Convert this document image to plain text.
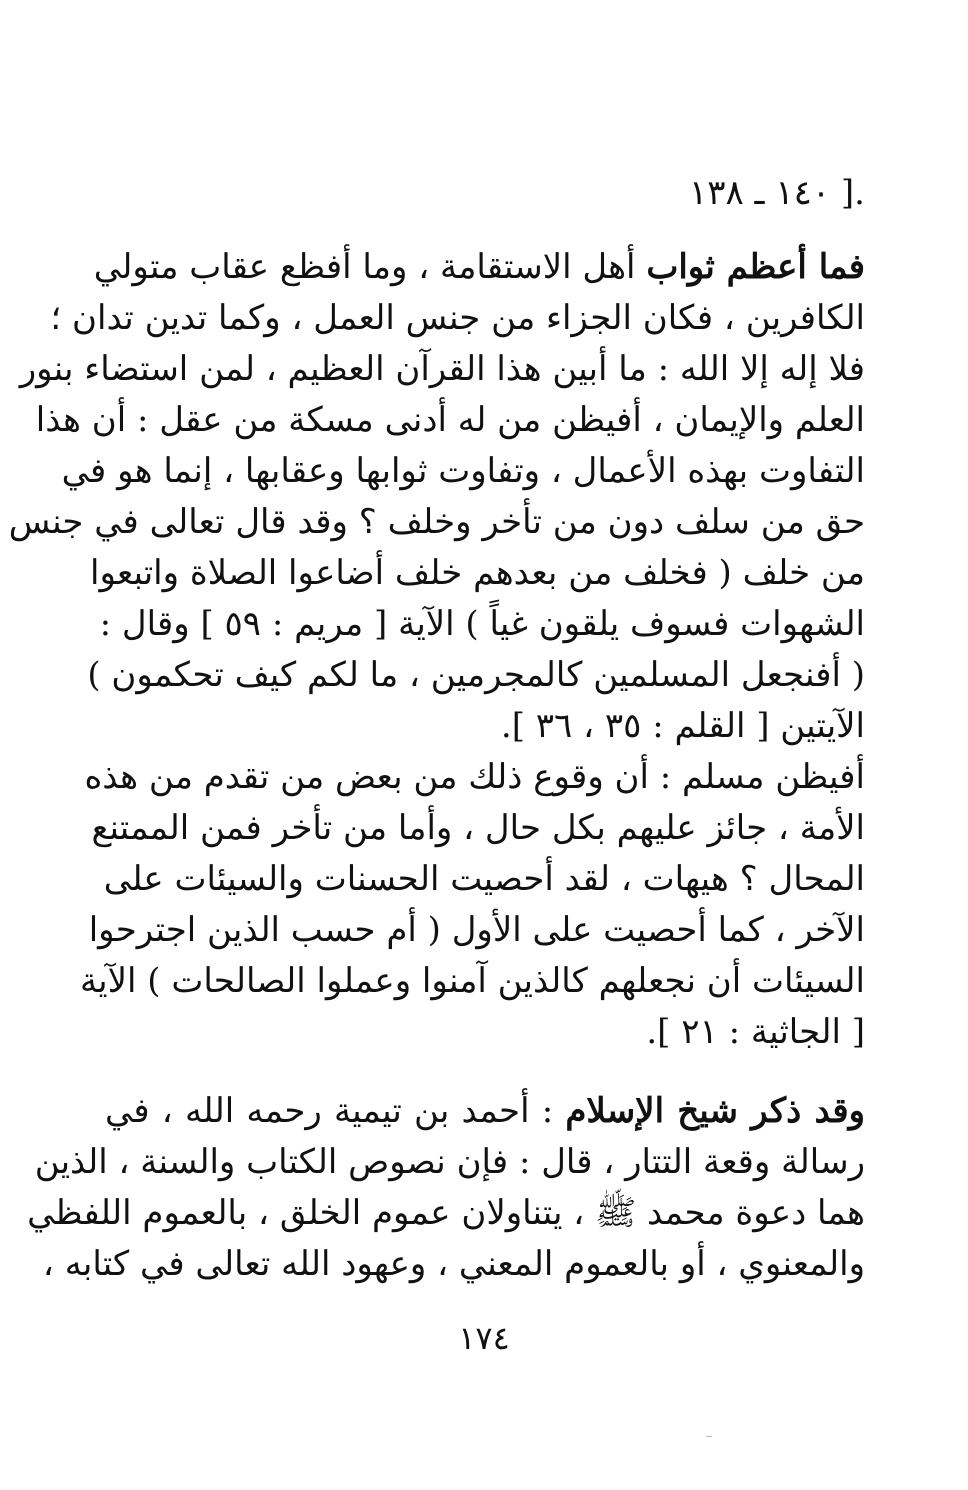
.[ ١٤٠ ـ ١٣٨
فما أعظم ثواب أهل الاستقامة ، وما أفظع عقاب متولي
الكافرين ، فكان الجزاء من جنس العمل ، وكما تدين تدان ؛
فلا إله إلا الله : ما أبين هذا القرآن العظيم ، لمن استضاء بنور
العلم والإيمان ، أفيظن من له أدنى مسكة من عقل : أن هذا
التفاوت بهذه الأعمال ، وتفاوت ثوابها وعقابها ، إنما هو في
حق من سلف دون من تأخر وخلف ؟ وقد قال تعالى في جنس
من خلف ( فخلف من بعدهم خلف أضاعوا الصلاة واتبعوا
الشهوات فسوف يلقون غياً ) الآية [ مريم : ٥٩ ] وقال :
( أفنجعل المسلمين كالمجرمين ، ما لكم كيف تحكمون )
الآيتين [ القلم : ٣٥ ، ٣٦ ].
أفيظن مسلم : أن وقوع ذلك من بعض من تقدم من هذه
الأمة ، جائز عليهم بكل حال ، وأما من تأخر فمن الممتنع
المحال ؟ هيهات ، لقد أحصيت الحسنات والسيئات على
الآخر ، كما أحصيت على الأول ( أم حسب الذين اجترحوا
السيئات أن نجعلهم كالذين آمنوا وعملوا الصالحات ) الآية
[ الجاثية : ٢١ ].
وقد ذكر شيخ الإسلام : أحمد بن تيمية رحمه الله ، في
رسالة وقعة التتار ، قال : فإن نصوص الكتاب والسنة ، الذين
هما دعوة محمد ﷺ ، يتناولان عموم الخلق ، بالعموم اللفظي
والمعنوي ، أو بالعموم المعني ، وعهود الله تعالى في كتابه ،
١٧٤
